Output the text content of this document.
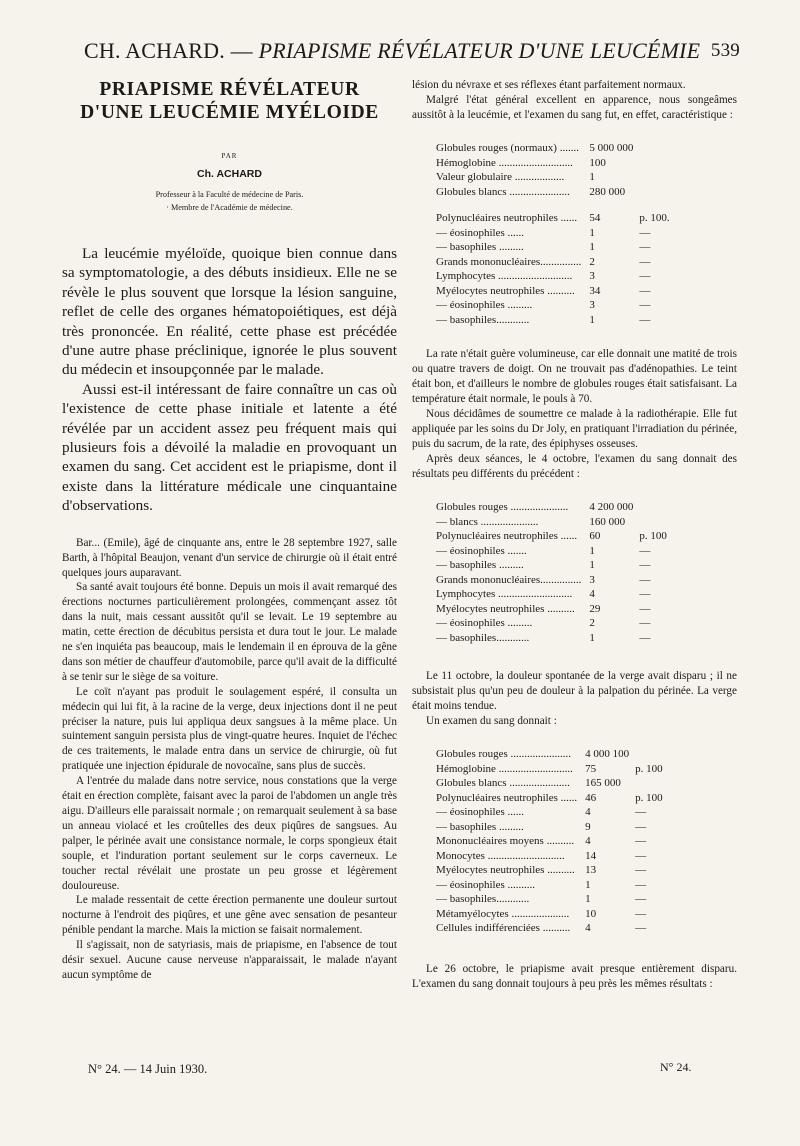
CH. ACHARD. — PRIAPISME RÉVÉLATEUR D'UNE LEUCÉMIE 539
PRIAPISME RÉVÉLATEUR
D'UNE LEUCÉMIE MYÉLOIDE
PAR
Ch. ACHARD
Professeur à la Faculté de médecine de Paris.
· Membre de l'Académie de médecine.

La leucémie myéloïde, quoique bien connue dans sa symptomatologie, a des débuts insidieux. Elle ne se révèle le plus souvent que lorsque la lésion sanguine, reflet de celle des organes hématopoiétiques, est déjà très prononcée. En réalité, cette phase est précédée d'une autre phase préclinique, ignorée le plus souvent du médecin et insoupçonnée par le malade.

Aussi est-il intéressant de faire connaître un cas où l'existence de cette phase initiale et latente a été révélée par un accident assez peu fréquent mais qui plusieurs fois a dévoilé la maladie en provoquant un examen du sang. Cet accident est le priapisme, dont il existe dans la littérature médicale une cinquantaine d'observations.

Bar... (Emile), âgé de cinquante ans, entre le 28 septembre 1927, salle Barth, à l'hôpital Beaujon, venant d'un service de chirurgie où il était entré quelques jours auparavant.

Sa santé avait toujours été bonne. Depuis un mois il avait remarqué des érections nocturnes particulièrement prolongées, commençant assez tôt dans la nuit, mais cessant aussitôt qu'il se levait. Le 19 septembre au matin, cette érection de décubitus persista et dura tout le jour. Le malade ne s'en inquiéta pas beaucoup, mais le lendemain il en éprouva de la gêne dans son métier de chauffeur d'automobile, parce qu'il avait de la difficulté à se tenir sur le siège de sa voiture.

Le coït n'ayant pas produit le soulagement espéré, il consulta un médecin qui lui fit, à la racine de la verge, deux injections dont il ne peut préciser la nature, puis lui appliqua deux sangsues à la même place. Un suintement sanguin persista plus de vingt-quatre heures. Inquiet de l'échec de ces traitements, le malade entra dans un service de chirurgie, où fut pratiquée une injection épidurale de novocaïne, sans plus de succès.

A l'entrée du malade dans notre service, nous constations que la verge était en érection complète, faisant avec la paroi de l'abdomen un angle très aigu. D'ailleurs elle paraissait normale ; on remarquait seulement à sa base un anneau violacé et les croûtelles des deux piqûres de sangsues. Au palper, le périnée avait une consistance normale, le corps spongieux était souple, et l'induration portant seulement sur le corps caverneux. Le toucher rectal révélait une prostate un peu grosse et légèrement douloureuse.

Le malade ressentait de cette érection permanente une douleur surtout nocturne à l'endroit des piqûres, et une gêne avec sensation de pesanteur pénible pendant la marche. Mais la miction se faisait normalement.

Il s'agissait, non de satyriasis, mais de priapisme, en l'absence de tout désir sexuel. Aucune cause nerveuse n'apparaissait, le malade n'ayant aucun symptôme de

lésion du névraxe et ses réflexes étant parfaitement normaux.

Malgré l'état général excellent en apparence, nous songeâmes aussitôt à la leucémie, et l'examen du sang fut, en effet, caractéristique :

Globules rouges (normaux) .......	5 000 000	
Hémoglobine ...........................	100	
Valeur globulaire ..................	1	
Globules blancs ......................	280 000	

Polynucléaires neutrophiles ......	54	p. 100.
— éosinophiles ......	1	—
— basophiles .........	1	—
Grands mononucléaires...............	2	—
Lymphocytes ...........................	3	—
Myélocytes neutrophiles ..........	34	—
— éosinophiles .........	3	—
— basophiles............	1	—

La rate n'était guère volumineuse, car elle donnait une matité de trois ou quatre travers de doigt. On ne trouvait pas d'adénopathies. Le teint était bon, et d'ailleurs le nombre de globules rouges était satisfaisant. La température était normale, le pouls à 70.

Nous décidâmes de soumettre ce malade à la radiothérapie. Elle fut appliquée par les soins du Dr Joly, en pratiquant l'irradiation du périnée, puis du sacrum, de la rate, des épiphyses osseuses.

Après deux séances, le 4 octobre, l'examen du sang donnait des résultats peu différents du précédent :

Globules rouges .....................	4 200 000	
— blancs .....................	160 000	
Polynucléaires neutrophiles ......	60	p. 100
— éosinophiles .......	1	—
— basophiles .........	1	—
Grands mononucléaires...............	3	—
Lymphocytes ...........................	4	—
Myélocytes neutrophiles ..........	29	—
— éosinophiles .........	2	—
— basophiles............	1	—

Le 11 octobre, la douleur spontanée de la verge avait disparu ; il ne subsistait plus qu'un peu de douleur à la palpation du périnée. La verge était moins tendue.

Un examen du sang donnait :

Globules rouges ......................	4 000 100	
Hémoglobine ...........................	75	p. 100
Globules blancs ......................	165 000	
Polynucléaires neutrophiles ......	46	p. 100
— éosinophiles ......	4	—
— basophiles .........	9	—
Mononucléaires moyens ..........	4	—
Monocytes ............................	14	—
Myélocytes neutrophiles ..........	13	—
— éosinophiles ..........	1	—
— basophiles............	1	—
Métamyélocytes .....................	10	—
Cellules indifférenciées ..........	4	—

Le 26 octobre, le priapisme avait presque entièrement disparu. L'examen du sang donnait toujours à peu près les mêmes résultats :

N° 24. — 14 Juin 1930.	N° 24.
